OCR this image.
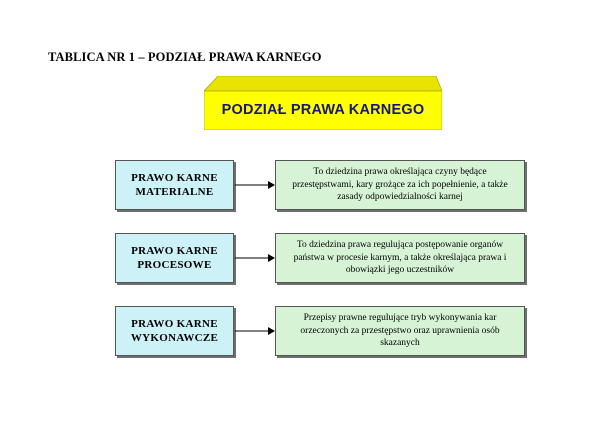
TABLICA NR 1 – PODZIAŁ PRAWA KARNEGO
PODZIAŁ PRAWA KARNEGO
PRAWO KARNE MATERIALNE
To dziedzina prawa określająca czyny będące przestępstwami, kary grożące za ich popełnienie, a także zasady odpowiedzialności karnej
PRAWO KARNE PROCESOWE
To dziedzina prawa regulująca postępowanie organów państwa w procesie karnym, a także określająca prawa i obowiązki jego uczestników
PRAWO KARNE WYKONAWCZE
Przepisy prawne regulujące tryb wykonywania kar orzeczonych za przestępstwo oraz uprawnienia osób skazanych
